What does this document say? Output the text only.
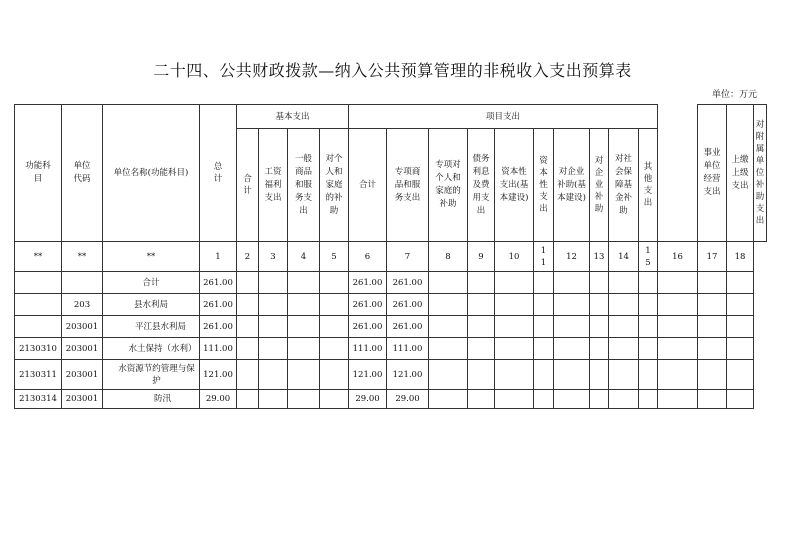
二十四、公共财政拨款—纳入公共预算管理的非税收入支出预算表
单位：万元
功能科目	单位代码	单位名称(功能科目)	总计	基本支出				项目支出											事业单位经营支出	上缴上级支出	对附属单位补助支出
				合计	工资福利支出	一般商品和服务支出	对个人和家庭的补助	合计	专项商品和服务支出	专项对个人和家庭的补助	债务利息及费用支出	资本性支出(基本建设)	资本性支出	对企业补助(基本建设)	对企业补助	对社会保障基金补助	其他支出				
**	**	**	1	2	3	4	5	6	7	8	9	10	11	12	13	14	15	16	17	18	
		合计	261.00					261.00	261.00												
	203	县水利局	261.00					261.00	261.00												
	203001	平江县水利局	261.00					261.00	261.00												
2130310	203001	水土保持（水利）	111.00					111.00	111.00												
2130311	203001	水资源节约管理与保护	121.00					121.00	121.00												
2130314	203001	防汛	29.00					29.00	29.00												
